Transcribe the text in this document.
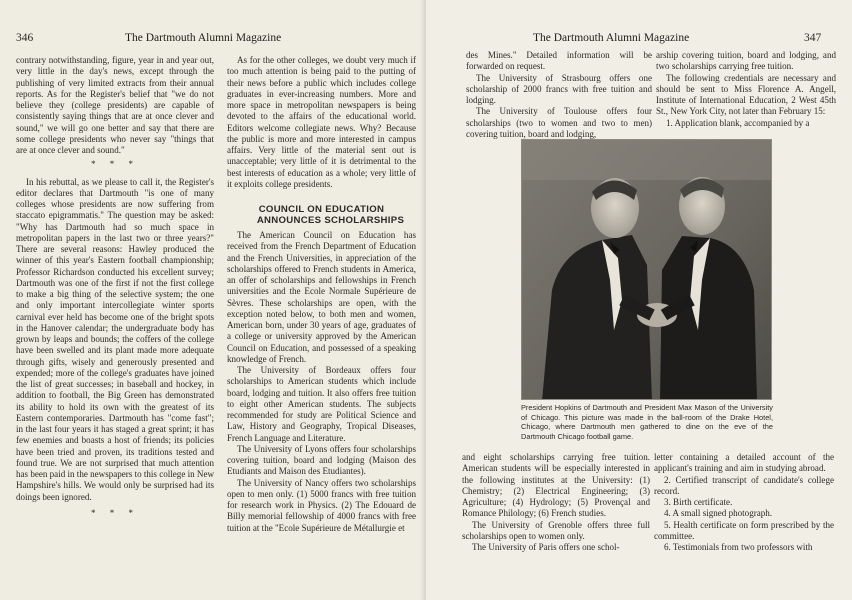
346	The Dartmouth Alumni Magazine

contrary notwithstanding, figure, year in and year out, very little in the day's news, except through the publishing of very limited extracts from their annual reports. As for the Register's belief that "we do not believe they (college presidents) are capable of consistently saying things that are at once clever and sound," we will go one better and say that there are some college presidents who never say "things that are at once clever and sound."

* * *

In his rebuttal, as we please to call it, the Register's editor declares that Dartmouth "is one of many colleges whose presidents are now suffering from staccato epigrammatis." The question may be asked: "Why has Dartmouth had so much space in metropolitan papers in the last two or three years?" There are several reasons: Hawley produced the winner of this year's Eastern football championship; Professor Richardson conducted his excellent survey; Dartmouth was one of the first if not the first college to make a big thing of the selective system; the one and only important intercollegiate winter sports carnival ever held has become one of the bright spots in the Hanover calendar; the undergraduate body has grown by leaps and bounds; the coffers of the college have been swelled and its plant made more adequate through gifts, wisely and generously presented and expended; more of the college's graduates have joined the list of great successes; in baseball and hockey, in addition to football, the Big Green has demonstrated its ability to hold its own with the greatest of its Eastern contemporaries. Dartmouth has "come fast"; in the last four years it has staged a great sprint; it has few enemies and boasts a host of friends; its policies have been tried and proven, its traditions tested and found true. We are not surprised that much attention has been paid in the newspapers to this college in New Hampshire's hills. We would only be surprised had its doings been ignored.

* * *

As for the other colleges, we doubt very much if too much attention is being paid to the putting of their news before a public which includes college graduates in ever-increasing numbers. More and more space in metropolitan newspapers is being devoted to the affairs of the educational world. Editors welcome collegiate news. Why? Because the public is more and more interested in campus affairs. Very little of the material sent out is unacceptable; very little of it is detrimental to the best interests of education as a whole; very little of it exploits college presidents.

COUNCIL ON EDUCATION
ANNOUNCES SCHOLARSHIPS

The American Council on Education has received from the French Department of Education and the French Universities, in appreciation of the scholarships offered to French students in America, an offer of scholarships and fellowships in French universities and the Ecole Normale Supérieure de Sèvres. These scholarships are open, with the exception noted below, to both men and women, American born, under 30 years of age, graduates of a college or university approved by the American Council on Education, and possessed of a speaking knowledge of French.

The University of Bordeaux offers four scholarships to American students which include board, lodging and tuition. It also offers free tuition to eight other American students. The subjects recommended for study are Political Science and Law, History and Geography, Tropical Diseases, French Language and Literature.

The University of Lyons offers four scholarships covering tuition, board and lodging (Maison des Etudiants and Maison des Etudiantes).

The University of Nancy offers two scholarships open to men only. (1) 5000 francs with free tuition for research work in Physics. (2) The Edouard de Billy memorial fellowship of 4000 francs with free tuition at the "Ecole Supérieure de Métallurgie et

The Dartmouth Alumni Magazine	347

des Mines." Detailed information will be forwarded on request.

The University of Strasbourg offers one scholarship of 2000 francs with free tuition and lodging.

The University of Toulouse offers four scholarships (two to women and two to men) covering tuition, board and lodging,

arship covering tuition, board and lodging, and two scholarships carrying free tuition.

The following credentials are necessary and should be sent to Miss Florence A. Angell, Institute of International Education, 2 West 45th St., New York City, not later than February 15:

1. Application blank, accompanied by a

and eight scholarships carrying free tuition. American students will be especially interested in the following institutes at the University: (1) Chemistry; (2) Electrical Engineering; (3) Agriculture; (4) Hydrology; (5) Provençal and Romance Philology; (6) French studies.

The University of Grenoble offers three full scholarships open to women only.

The University of Paris offers one schol-

letter containing a detailed account of the applicant's training and aim in studying abroad.

2. Certified transcript of candidate's college record.

3. Birth certificate.

4. A small signed photograph.

5. Health certificate on form prescribed by the committee.

6. Testimonials from two professors with

President Hopkins of Dartmouth and President Max Mason of the University of Chicago. This picture was made in the ball-room of the Drake Hotel, Chicago, where Dartmouth men gathered to dine on the eve of the Dartmouth Chicago football game.
